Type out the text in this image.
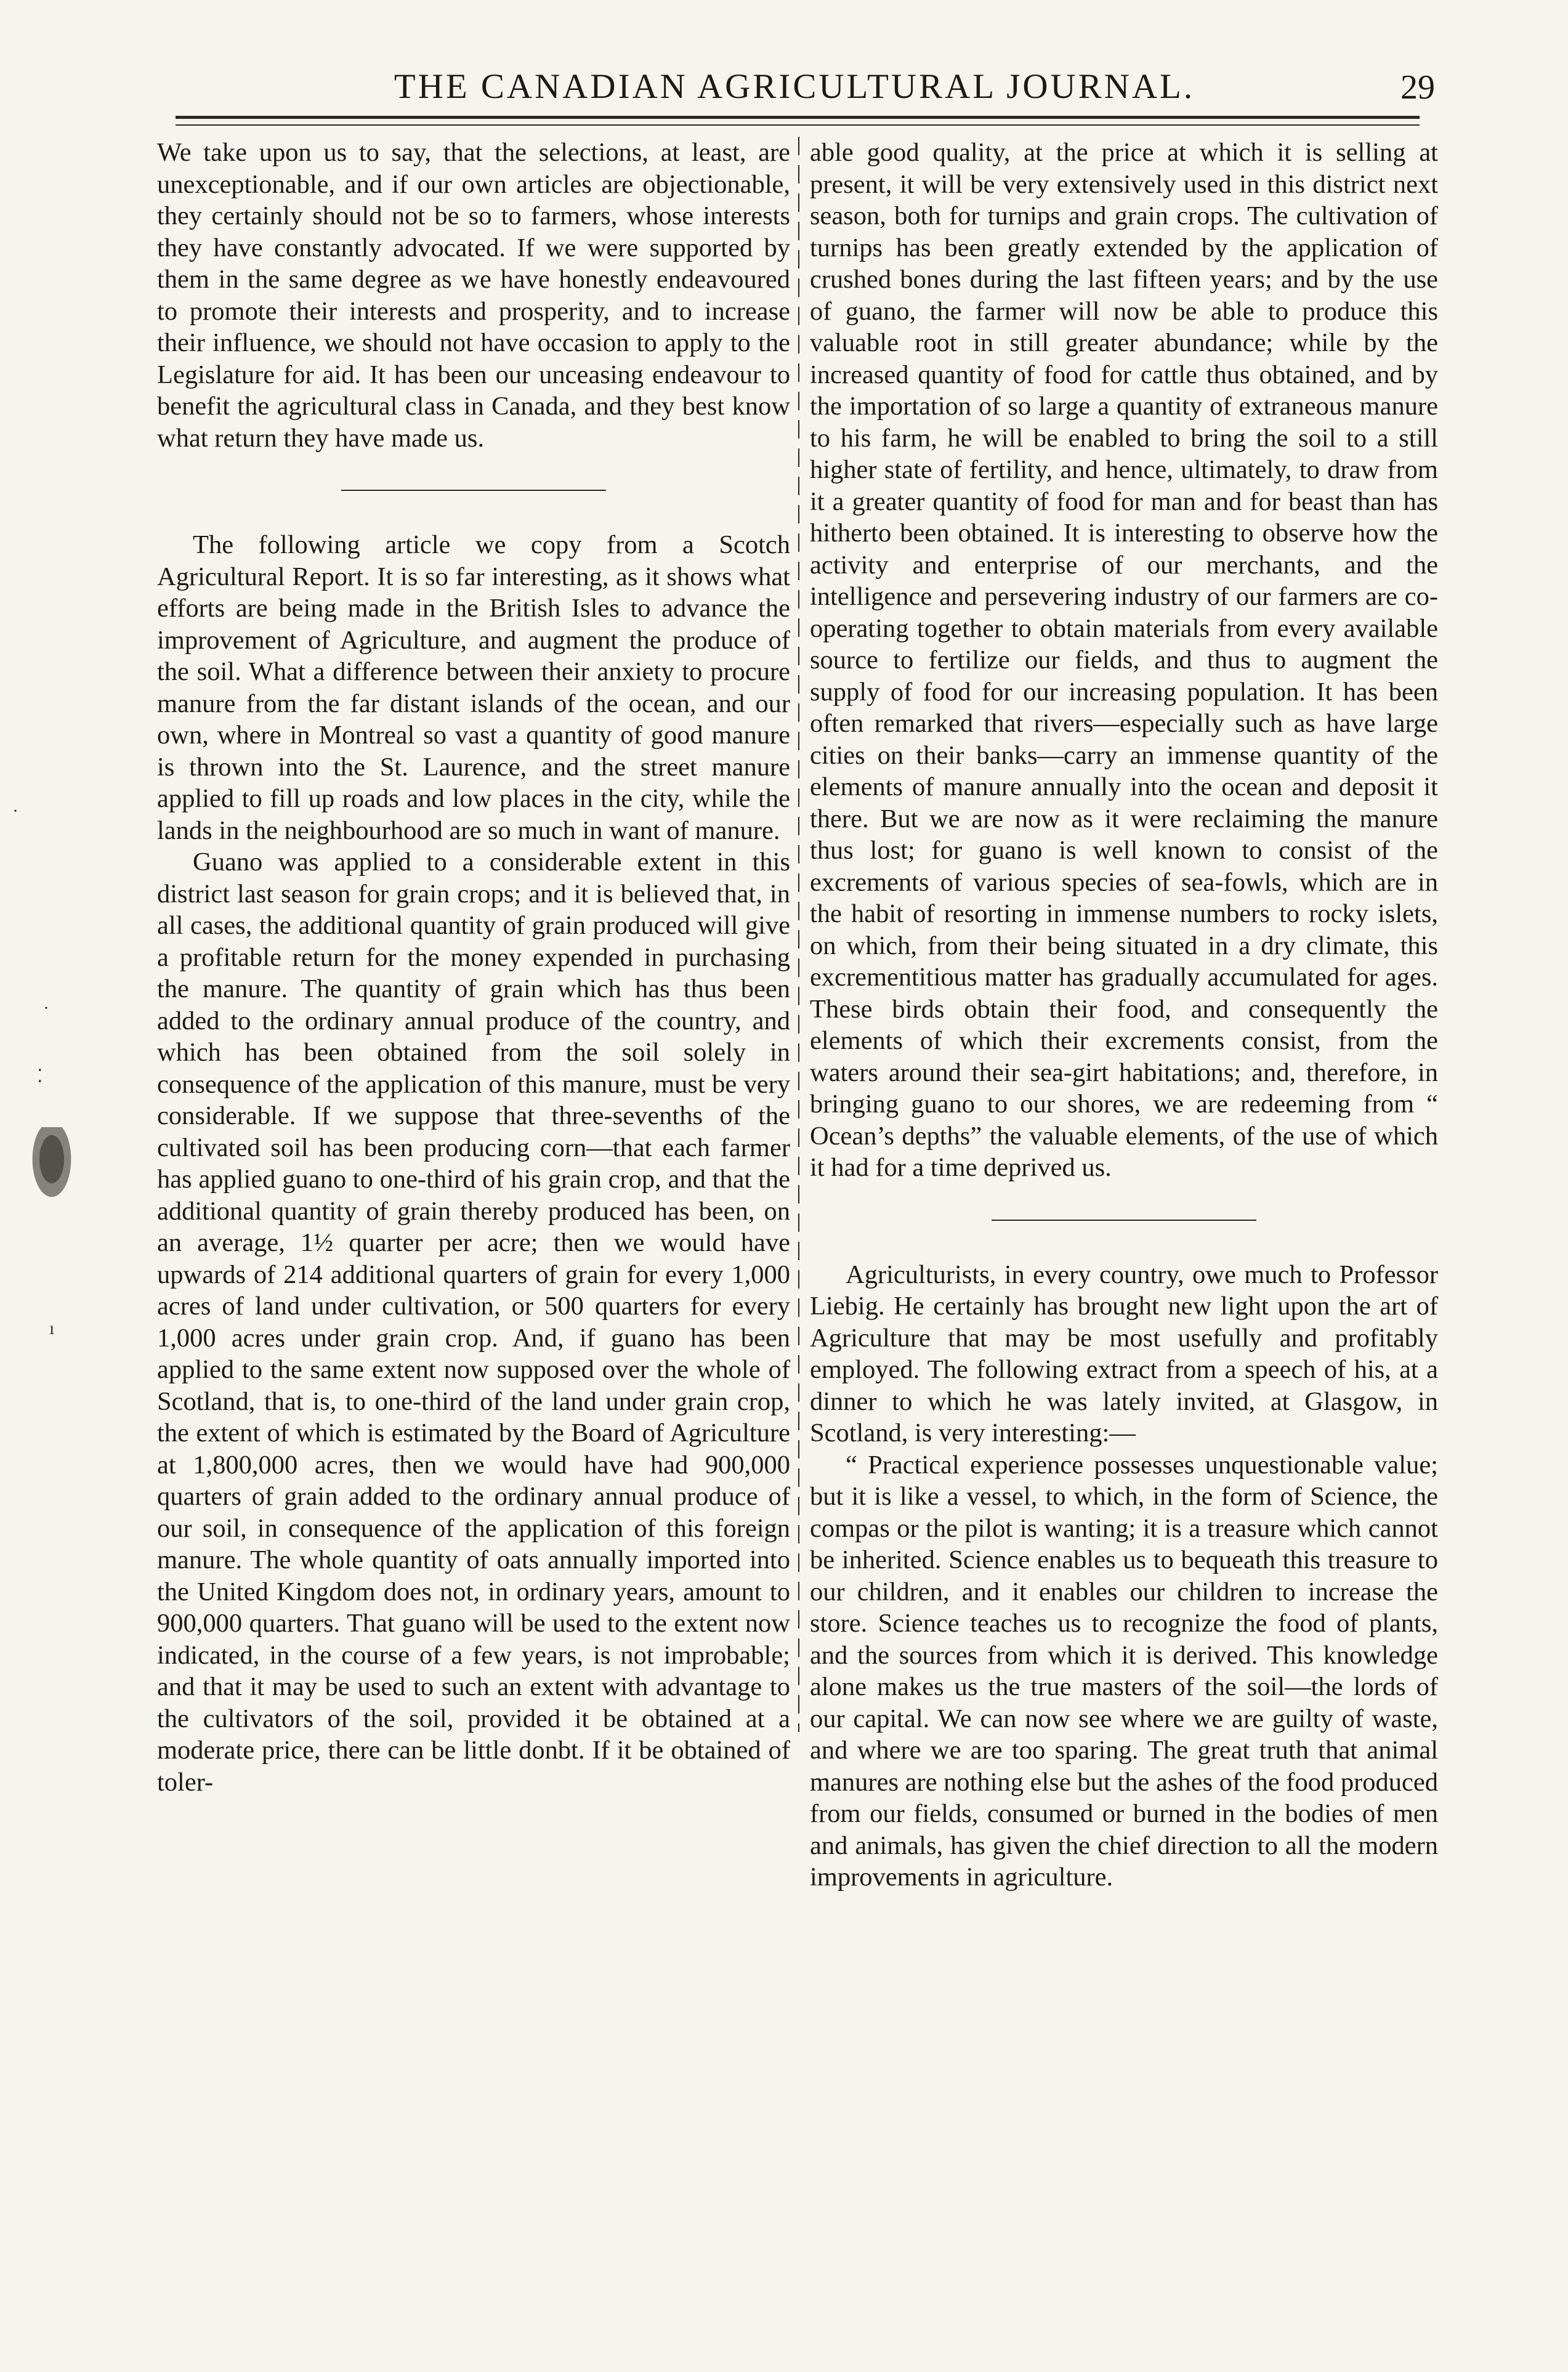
THE CANADIAN AGRICULTURAL JOURNAL.	29

We take upon us to say, that the selections, at least, are unexceptionable, and if our own articles are objectionable, they certainly should not be so to farmers, whose interests they have constantly advocated. If we were supported by them in the same degree as we have honestly endeavoured to promote their interests and prosperity, and to increase their influence, we should not have occasion to apply to the Legislature for aid. It has been our unceasing endeavour to benefit the agricultural class in Canada, and they best know what return they have made us.

The following article we copy from a Scotch Agricultural Report. It is so far interesting, as it shows what efforts are being made in the British Isles to advance the improvement of Agriculture, and augment the produce of the soil. What a difference between their anxiety to procure manure from the far distant islands of the ocean, and our own, where in Montreal so vast a quantity of good manure is thrown into the St. Laurence, and the street manure applied to fill up roads and low places in the city, while the lands in the neighbourhood are so much in want of manure.

Guano was applied to a considerable extent in this district last season for grain crops; and it is believed that, in all cases, the additional quantity of grain produced will give a profitable return for the money expended in purchasing the manure. The quantity of grain which has thus been added to the ordinary annual produce of the country, and which has been obtained from the soil solely in consequence of the application of this manure, must be very considerable. If we suppose that three-sevenths of the cultivated soil has been producing corn—that each farmer has applied guano to one-third of his grain crop, and that the additional quantity of grain thereby produced has been, on an average, 1½ quarter per acre; then we would have upwards of 214 additional quarters of grain for every 1,000 acres of land under cultivation, or 500 quarters for every 1,000 acres under grain crop. And, if guano has been applied to the same extent now supposed over the whole of Scotland, that is, to one-third of the land under grain crop, the extent of which is estimated by the Board of Agriculture at 1,800,000 acres, then we would have had 900,000 quarters of grain added to the ordinary annual produce of our soil, in consequence of the application of this foreign manure. The whole quantity of oats annually imported into the United Kingdom does not, in ordinary years, amount to 900,000 quarters. That guano will be used to the extent now indicated, in the course of a few years, is not improbable; and that it may be used to such an extent with advantage to the cultivators of the soil, provided it be obtained at a moderate price, there can be little donbt. If it be obtained of toler-

able good quality, at the price at which it is selling at present, it will be very extensively used in this district next season, both for turnips and grain crops. The cultivation of turnips has been greatly extended by the application of crushed bones during the last fifteen years; and by the use of guano, the farmer will now be able to produce this valuable root in still greater abundance; while by the increased quantity of food for cattle thus obtained, and by the importation of so large a quantity of extraneous manure to his farm, he will be enabled to bring the soil to a still higher state of fertility, and hence, ultimately, to draw from it a greater quantity of food for man and for beast than has hitherto been obtained. It is interesting to observe how the activity and enterprise of our merchants, and the intelligence and persevering industry of our farmers are co-operating together to obtain materials from every available source to fertilize our fields, and thus to augment the supply of food for our increasing population. It has been often remarked that rivers—especially such as have large cities on their banks—carry an immense quantity of the elements of manure annually into the ocean and deposit it there. But we are now as it were reclaiming the manure thus lost; for guano is well known to consist of the excrements of various species of sea-fowls, which are in the habit of resorting in immense numbers to rocky islets, on which, from their being situated in a dry climate, this excrementitious matter has gradually accumulated for ages. These birds obtain their food, and consequently the elements of which their excrements consist, from the waters around their sea-girt habitations; and, therefore, in bringing guano to our shores, we are redeeming from “ Ocean’s depths” the valuable elements, of the use of which it had for a time deprived us.

Agriculturists, in every country, owe much to Professor Liebig. He certainly has brought new light upon the art of Agriculture that may be most usefully and profitably employed. The following extract from a speech of his, at a dinner to which he was lately invited, at Glasgow, in Scotland, is very interesting:—

“ Practical experience possesses unquestionable value; but it is like a vessel, to which, in the form of Science, the compas or the pilot is wanting; it is a treasure which cannot be inherited. Science enables us to bequeath this treasure to our children, and it enables our children to increase the store. Science teaches us to recognize the food of plants, and the sources from which it is derived. This knowledge alone makes us the true masters of the soil—the lords of our capital. We can now see where we are guilty of waste, and where we are too sparing. The great truth that animal manures are nothing else but the ashes of the food produced from our fields, consumed or burned in the bodies of men and animals, has given the chief direction to all the modern improvements in agriculture.

·
·
⁚
ı
